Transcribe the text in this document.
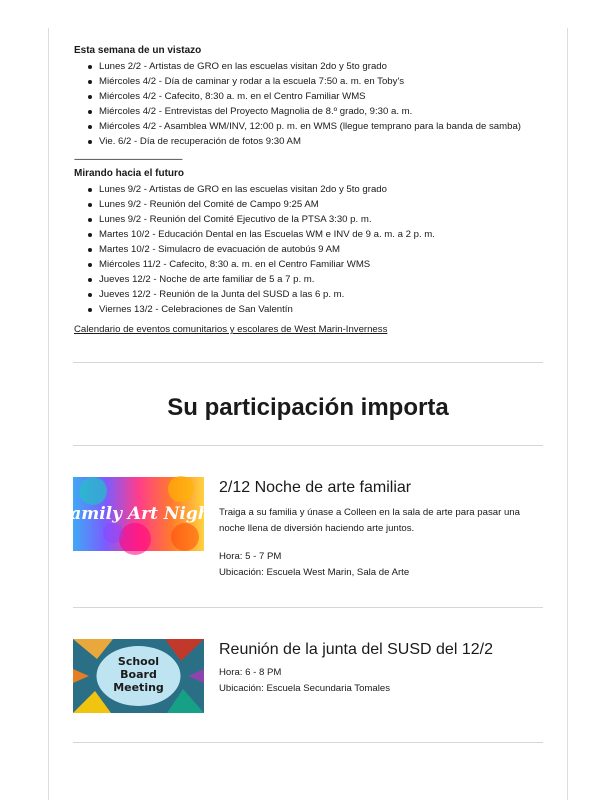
Esta semana de un vistazo
Lunes 2/2 - Artistas de GRO en las escuelas visitan 2do y 5to grado
Miércoles 4/2 - Día de caminar y rodar a la escuela 7:50 a. m. en Toby's
Miércoles 4/2 - Cafecito, 8:30 a. m. en el Centro Familiar WMS
Miércoles 4/2 - Entrevistas del Proyecto Magnolia de 8.º grado, 9:30 a. m.
Miércoles 4/2 - Asamblea WM/INV, 12:00 p. m. en WMS (llegue temprano para la banda de samba)
Vie. 6/2 - Día de recuperación de fotos 9:30 AM
------------------------------------------------------
Mirando hacia el futuro
Lunes 9/2 - Artistas de GRO en las escuelas visitan 2do y 5to grado
Lunes 9/2 - Reunión del Comité de Campo 9:25 AM
Lunes 9/2 - Reunión del Comité Ejecutivo de la PTSA 3:30 p. m.
Martes 10/2 - Educación Dental en las Escuelas WM e INV de 9 a. m. a 2 p. m.
Martes 10/2 - Simulacro de evacuación de autobús 9 AM
Miércoles 11/2 - Cafecito, 8:30 a. m. en el Centro Familiar WMS
Jueves 12/2 - Noche de arte familiar de 5 a 7 p. m.
Jueves 12/2 - Reunión de la Junta del SUSD a las 6 p. m.
Viernes 13/2 - Celebraciones de San Valentín
Calendario de eventos comunitarios y escolares de West Marin-Inverness
Su participación importa
Family Art Night
2/12 Noche de arte familiar
Traiga a su familia y únase a Colleen en la sala de arte para pasar una noche llena de diversión haciendo arte juntos.
Hora: 5 - 7 PM
Ubicación: Escuela West Marin, Sala de Arte
School
Board
Meeting
Reunión de la junta del SUSD del 12/2
Hora: 6 - 8 PM
Ubicación: Escuela Secundaria Tomales
